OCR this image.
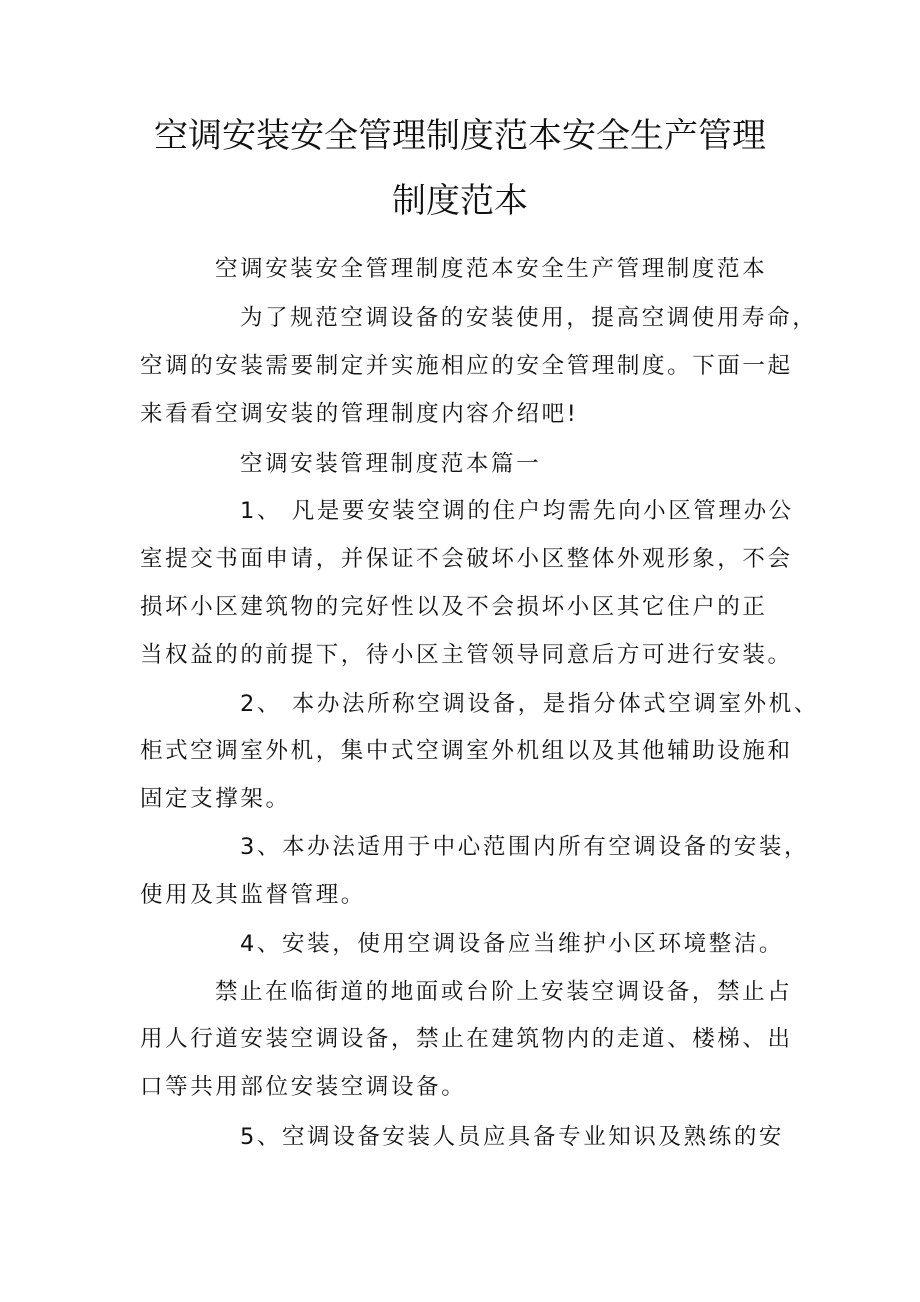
空调安装安全管理制度范本安全生产管理
制度范本
空调安装安全管理制度范本安全生产管理制度范本
为了规范空调设备的安装使用，提高空调使用寿命，
空调的安装需要制定并实施相应的安全管理制度。下面一起
来看看空调安装的管理制度内容介绍吧!
空调安装管理制度范本篇一
1、 凡是要安装空调的住户均需先向小区管理办公
室提交书面申请，并保证不会破坏小区整体外观形象，不会
损坏小区建筑物的完好性以及不会损坏小区其它住户的正
当权益的的前提下，待小区主管领导同意后方可进行安装。
2、 本办法所称空调设备，是指分体式空调室外机、
柜式空调室外机，集中式空调室外机组以及其他辅助设施和
固定支撑架。
3、本办法适用于中心范围内所有空调设备的安装，
使用及其监督管理。
4、安装，使用空调设备应当维护小区环境整洁。
禁止在临街道的地面或台阶上安装空调设备，禁止占
用人行道安装空调设备，禁止在建筑物内的走道、楼梯、出
口等共用部位安装空调设备。
5、空调设备安装人员应具备专业知识及熟练的安
